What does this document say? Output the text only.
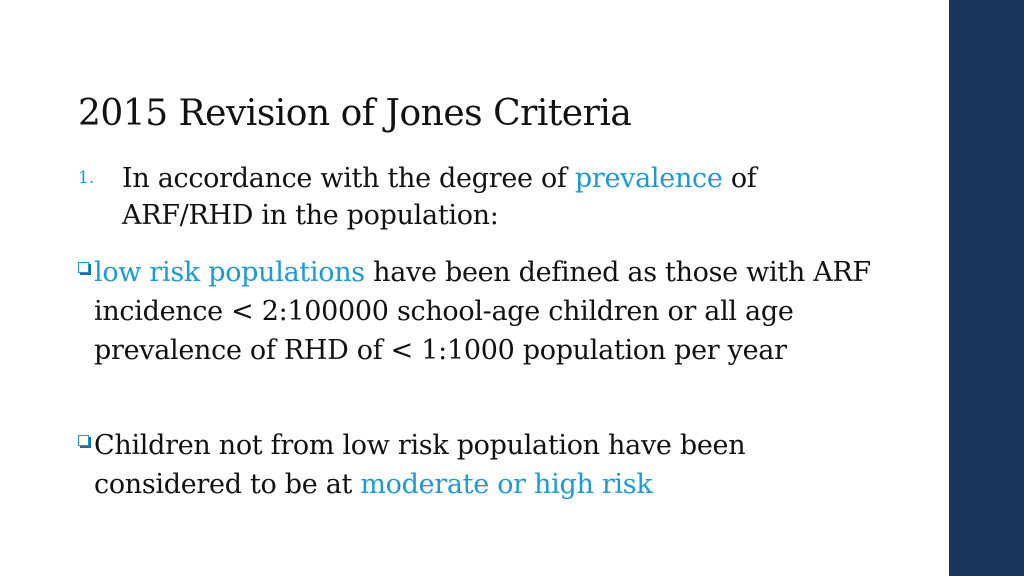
2015 Revision of Jones Criteria
1. In accordance with the degree of prevalence of ARF/RHD in the population:
low risk populations have been defined as those with ARF incidence < 2:100000 school-age children or all age prevalence of RHD of < 1:1000 population per year
Children not from low risk population have been considered to be at moderate or high risk
